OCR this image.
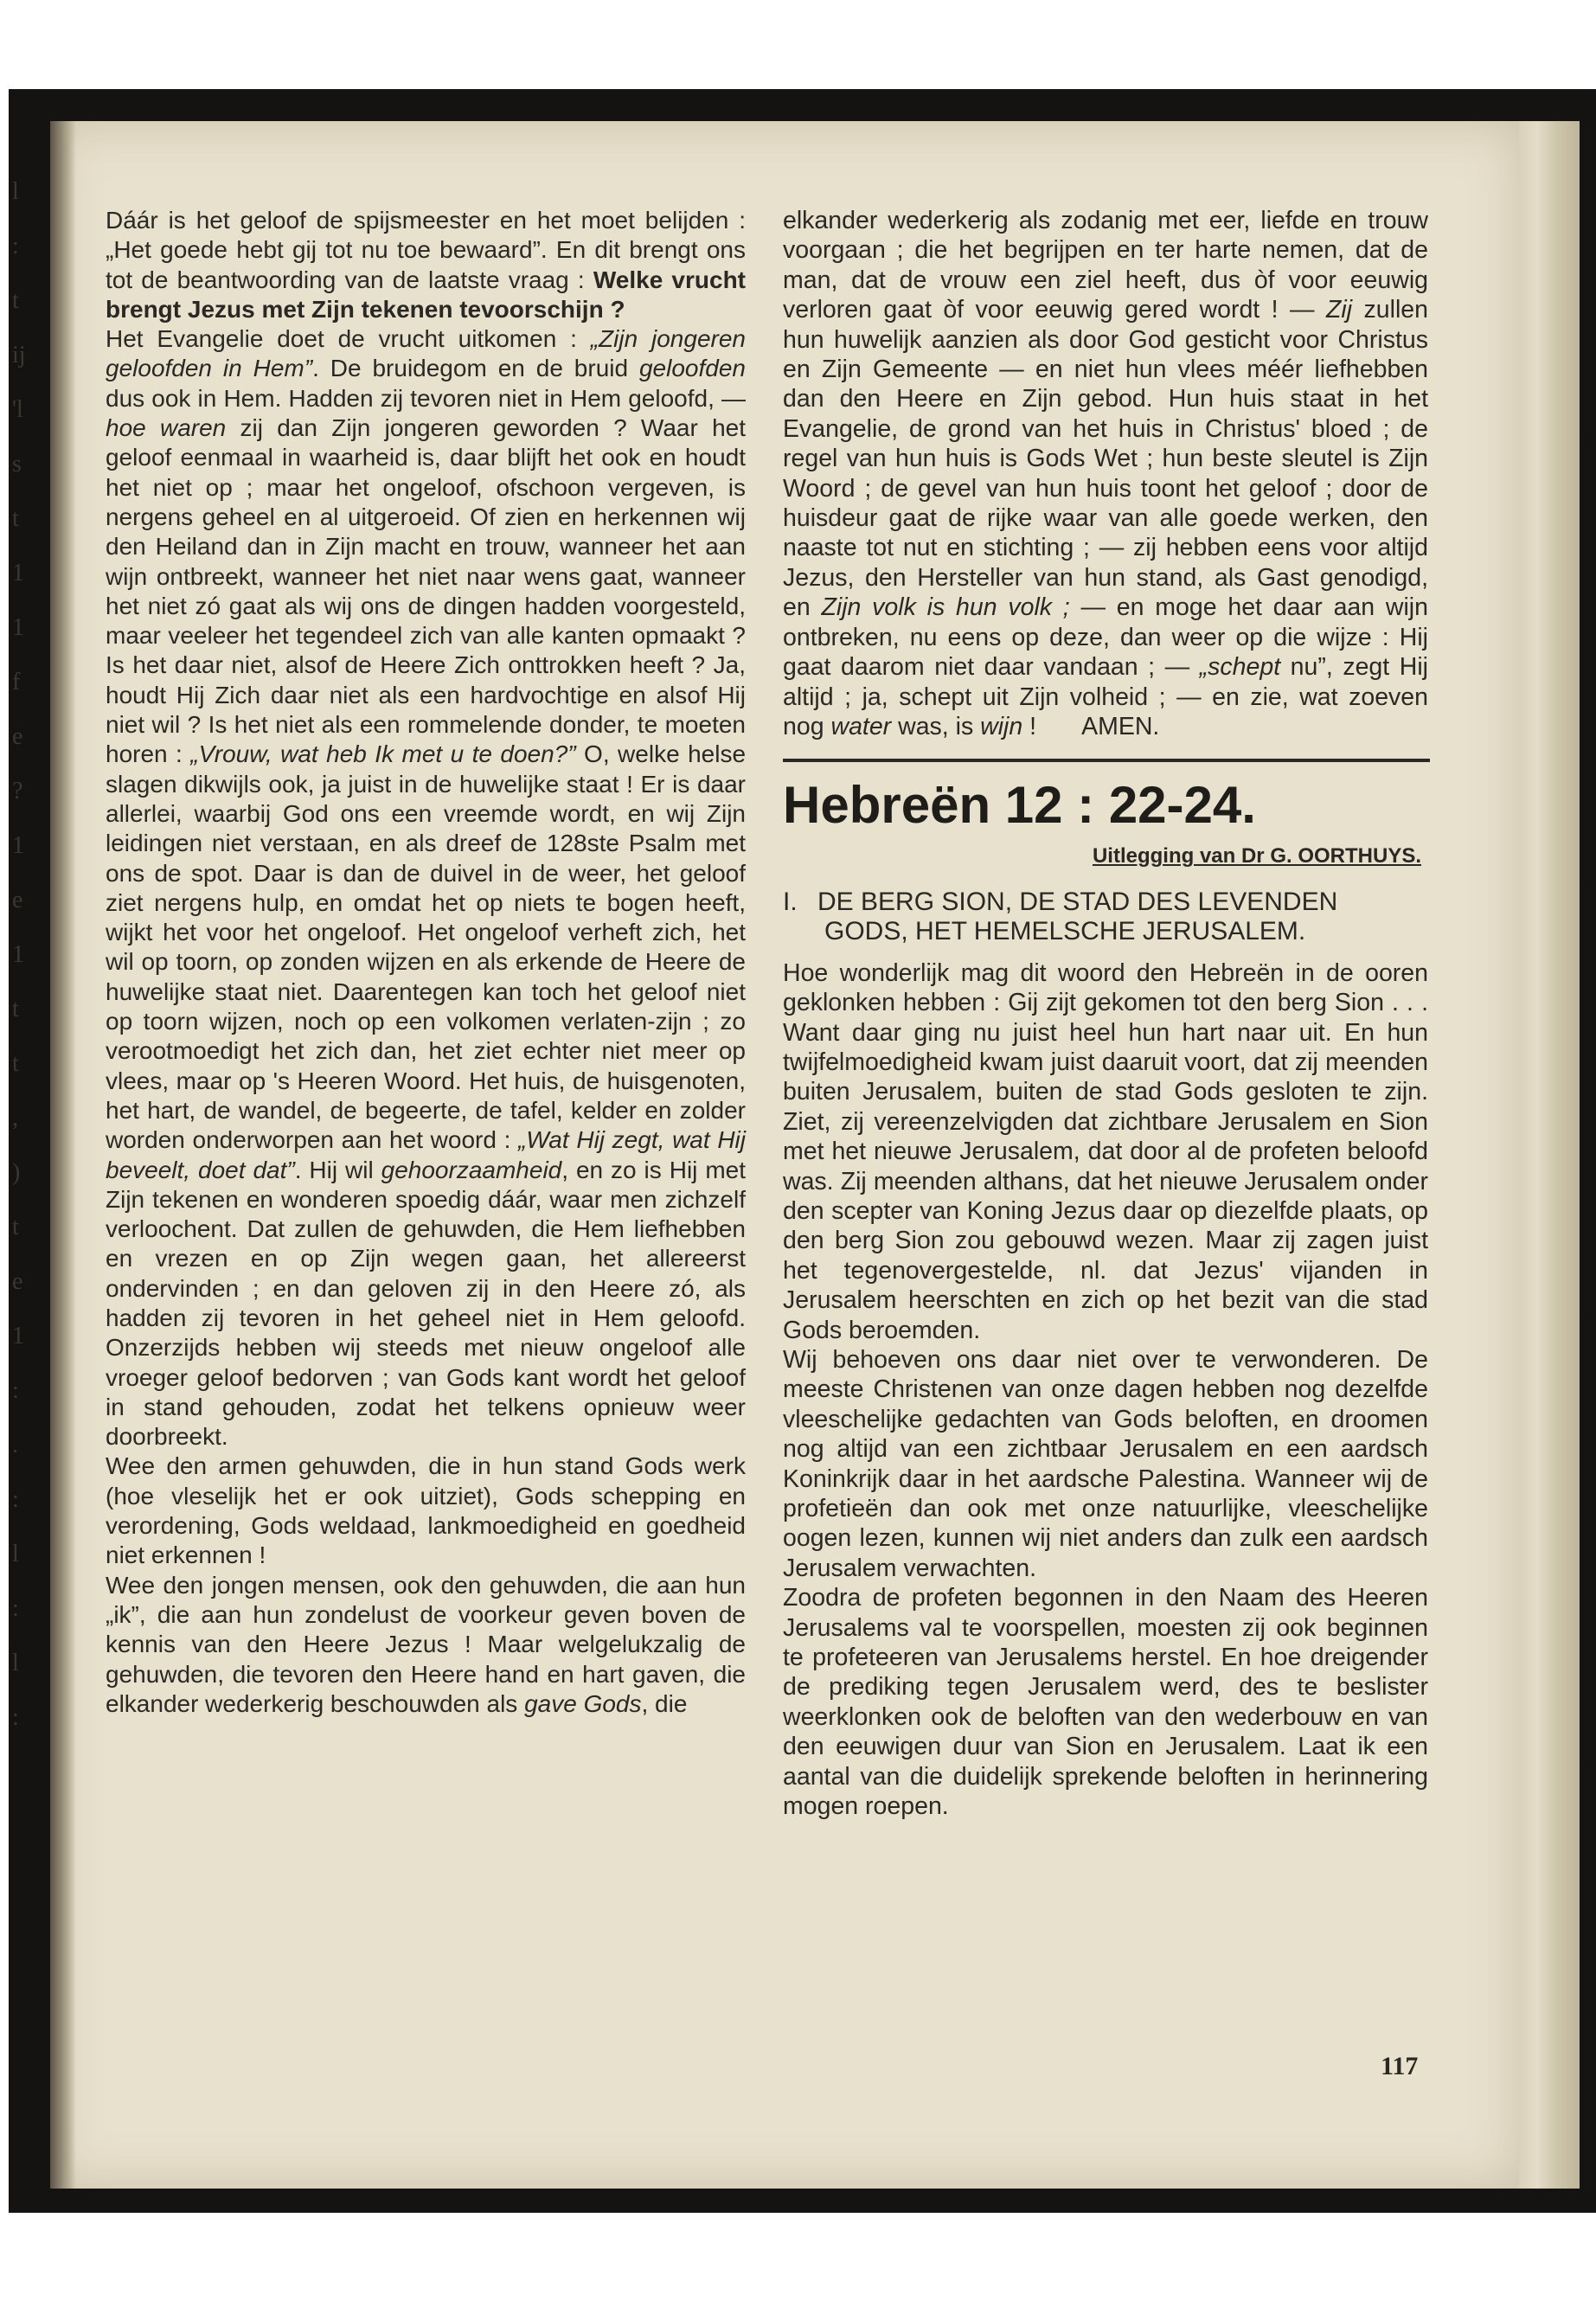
l
:
t
ij
'l
s
t
1
1
f
e
?
1
e
1
t
t
,
)
t
e
1
:
.
:
l
:
l
:

Dáár is het geloof de spijsmeester en het moet belijden : „Het goede hebt gij tot nu toe bewaard”. En dit brengt ons tot de beantwoording van de laatste vraag : Welke vrucht brengt Jezus met Zijn tekenen tevoorschijn ?

Het Evangelie doet de vrucht uitkomen : „Zijn jongeren geloofden in Hem”. De bruidegom en de bruid geloofden dus ook in Hem. Hadden zij tevoren niet in Hem geloofd, — hoe waren zij dan Zijn jongeren geworden ? Waar het geloof eenmaal in waarheid is, daar blijft het ook en houdt het niet op ; maar het ongeloof, ofschoon vergeven, is nergens geheel en al uitgeroeid. Of zien en herkennen wij den Heiland dan in Zijn macht en trouw, wanneer het aan wijn ontbreekt, wanneer het niet naar wens gaat, wanneer het niet zó gaat als wij ons de dingen hadden voorgesteld, maar veeleer het tegendeel zich van alle kanten opmaakt ? Is het daar niet, alsof de Heere Zich onttrokken heeft ? Ja, houdt Hij Zich daar niet als een hardvochtige en alsof Hij niet wil ? Is het niet als een rommelende donder, te moeten horen : „Vrouw, wat heb Ik met u te doen?” O, welke helse slagen dikwijls ook, ja juist in de huwelijke staat ! Er is daar allerlei, waarbij God ons een vreemde wordt, en wij Zijn leidingen niet verstaan, en als dreef de 128ste Psalm met ons de spot. Daar is dan de duivel in de weer, het geloof ziet nergens hulp, en omdat het op niets te bogen heeft, wijkt het voor het ongeloof. Het ongeloof verheft zich, het wil op toorn, op zonden wijzen en als erkende de Heere de huwelijke staat niet. Daarentegen kan toch het geloof niet op toorn wijzen, noch op een volkomen verlaten-zijn ; zo verootmoedigt het zich dan, het ziet echter niet meer op vlees, maar op 's Heeren Woord. Het huis, de huisgenoten, het hart, de wandel, de begeerte, de tafel, kelder en zolder worden onderworpen aan het woord : „Wat Hij zegt, wat Hij beveelt, doet dat”. Hij wil gehoorzaamheid, en zo is Hij met Zijn tekenen en wonderen spoedig dáár, waar men zichzelf verloochent. Dat zullen de gehuwden, die Hem liefhebben en vrezen en op Zijn wegen gaan, het allereerst ondervinden ; en dan geloven zij in den Heere zó, als hadden zij tevoren in het geheel niet in Hem geloofd. Onzerzijds hebben wij steeds met nieuw ongeloof alle vroeger geloof bedorven ; van Gods kant wordt het geloof in stand gehouden, zodat het telkens opnieuw weer doorbreekt.

Wee den armen gehuwden, die in hun stand Gods werk (hoe vleselijk het er ook uitziet), Gods schepping en verordening, Gods weldaad, lankmoedigheid en goedheid niet erkennen !

Wee den jongen mensen, ook den gehuwden, die aan hun „ik”, die aan hun zondelust de voorkeur geven boven de kennis van den Heere Jezus ! Maar welgelukzalig de gehuwden, die tevoren den Heere hand en hart gaven, die elkander wederkerig beschouwden als gave Gods, die

elkander wederkerig als zodanig met eer, liefde en trouw voorgaan ; die het begrijpen en ter harte nemen, dat de man, dat de vrouw een ziel heeft, dus òf voor eeuwig verloren gaat òf voor eeuwig gered wordt ! — Zij zullen hun huwelijk aanzien als door God gesticht voor Christus en Zijn Gemeente — en niet hun vlees méér liefhebben dan den Heere en Zijn gebod. Hun huis staat in het Evangelie, de grond van het huis in Christus' bloed ; de regel van hun huis is Gods Wet ; hun beste sleutel is Zijn Woord ; de gevel van hun huis toont het geloof ; door de huisdeur gaat de rijke waar van alle goede werken, den naaste tot nut en stichting ; — zij hebben eens voor altijd Jezus, den Hersteller van hun stand, als Gast genodigd, en Zijn volk is hun volk ; — en moge het daar aan wijn ontbreken, nu eens op deze, dan weer op die wijze : Hij gaat daarom niet daar vandaan ; — „schept nu”, zegt Hij altijd ; ja, schept uit Zijn volheid ; — en zie, wat zoeven nog water was, is wijn ! AMEN.

Hebreën 12 : 22-24.
Uitlegging van Dr G. OORTHUYS.
I. DE BERG SION, DE STAD DES LEVENDEN
GODS, HET HEMELSCHE JERUSALEM.

Hoe wonderlijk mag dit woord den Hebreën in de ooren geklonken hebben : Gij zijt gekomen tot den berg Sion . . . Want daar ging nu juist heel hun hart naar uit. En hun twijfelmoedigheid kwam juist daaruit voort, dat zij meenden buiten Jerusalem, buiten de stad Gods gesloten te zijn. Ziet, zij vereenzelvigden dat zichtbare Jerusalem en Sion met het nieuwe Jerusalem, dat door al de profeten beloofd was. Zij meenden althans, dat het nieuwe Jerusalem onder den scepter van Koning Jezus daar op diezelfde plaats, op den berg Sion zou gebouwd wezen. Maar zij zagen juist het tegenovergestelde, nl. dat Jezus' vijanden in Jerusalem heerschten en zich op het bezit van die stad Gods beroemden.

Wij behoeven ons daar niet over te verwonderen. De meeste Christenen van onze dagen hebben nog dezelfde vleeschelijke gedachten van Gods beloften, en droomen nog altijd van een zichtbaar Jerusalem en een aardsch Koninkrijk daar in het aardsche Palestina. Wanneer wij de profetieën dan ook met onze natuurlijke, vleeschelijke oogen lezen, kunnen wij niet anders dan zulk een aardsch Jerusalem verwachten.

Zoodra de profeten begonnen in den Naam des Heeren Jerusalems val te voorspellen, moesten zij ook beginnen te profeteeren van Jerusalems herstel. En hoe dreigender de prediking tegen Jerusalem werd, des te beslister weerklonken ook de beloften van den wederbouw en van den eeuwigen duur van Sion en Jerusalem. Laat ik een aantal van die duidelijk sprekende beloften in herinnering mogen roepen.

117
